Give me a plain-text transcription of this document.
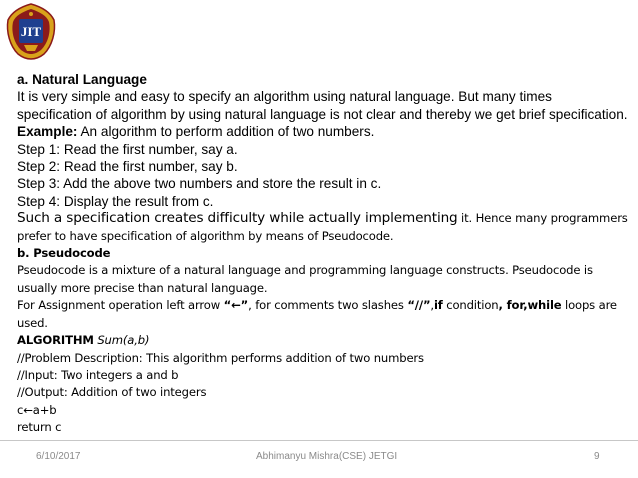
JIT
a. Natural Language
It is very simple and easy to specify an algorithm using natural language. But many times specification of algorithm by using natural language is not clear and thereby we get brief specification.
Example: An algorithm to perform addition of two numbers.
Step 1: Read the first number, say a.
Step 2: Read the first number, say b.
Step 3: Add the above two numbers and store the result in c.
Step 4: Display the result from c.
Such a specification creates difficulty while actually implementing it. Hence many programmers prefer to have specification of algorithm by means of Pseudocode.
b. Pseudocode
Pseudocode is a mixture of a natural language and programming language constructs. Pseudocode is usually more precise than natural language.
For Assignment operation left arrow “←”, for comments two slashes “//”,if condition, for,while loops are used.
ALGORITHM Sum(a,b)
//Problem Description: This algorithm performs addition of two numbers
//Input: Two integers a and b
//Output: Addition of two integers
c←a+b
return c
6/10/2017	Abhimanyu Mishra(CSE) JETGI	9
